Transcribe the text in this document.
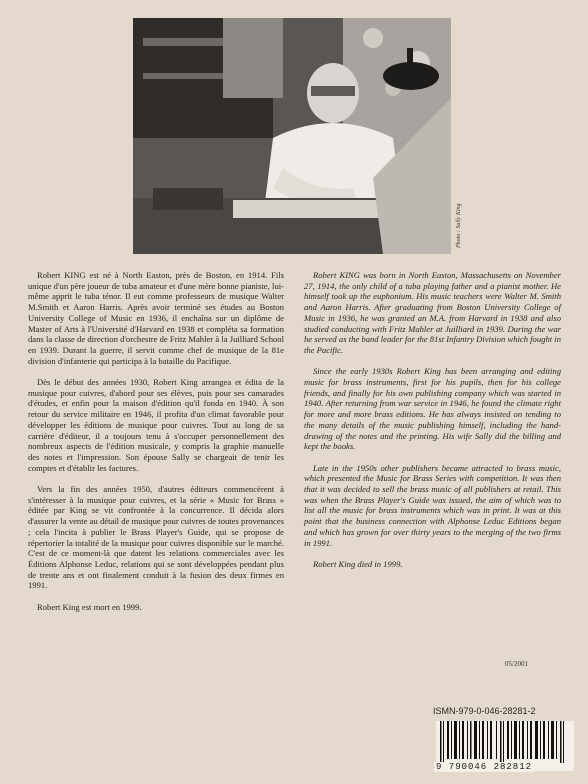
Photo : Sally King

Robert KING est né à North Easton, près de Boston, en 1914. Fils unique d'un père joueur de tuba amateur et d'une mère bonne pianiste, lui-même apprit le tuba ténor. Il eut comme professeurs de musique Walter M.Smith et Aaron Harris. Après avoir terminé ses études au Boston University College of Music en 1936, il enchaîna sur un diplôme de Master of Arts à l'Université d'Harvard en 1938 et compléta sa formation dans la classe de direction d'orchestre de Fritz Mahler à la Juilliard School en 1939. Durant la guerre, il servit comme chef de musique de la 81e division d'infanterie qui participa à la bataille du Pacifique.

Dès le début des années 1930, Robert King arrangea et édita de la musique pour cuivres, d'abord pour ses élèves, puis pour ses camarades d'études, et enfin pour la maison d'édition qu'il fonda en 1940. À son retour du service militaire en 1946, il profita d'un climat favorable pour développer les éditions de musique pour cuivres. Tout au long de sa carrière d'éditeur, il a toujours tenu à s'occuper personnellement des nombreux aspects de l'édition musicale, y compris la graphie manuelle des notes et l'impression. Son épouse Sally se chargeait de tenir les comptes et d'établir les factures.

Vers la fin des années 1950, d'autres éditeurs commencèrent à s'intéresser à la musique pour cuivres, et la série « Music for Brass » éditée par King se vit confrontée à la concurrence. Il décida alors d'assurer la vente au détail de musique pour cuivres de toutes provenances ; cela l'incita à publier le Brass Player's Guide, qui se propose de répertorier la totalité de la musique pour cuivres disponible sur le marché. C'est de ce moment-là que datent les relations commerciales avec les Éditions Alphonse Leduc, relations qui se sont développées pendant plus de trente ans et ont finalement conduit à la fusion des deux firmes en 1991.

Robert King est mort en 1999.

Robert KING was born in North Easton, Massachusetts on November 27, 1914, the only child of a tuba playing father and a pianist mother. He himself took up the euphonium. His music teachers were Walter M. Smith and Aaron Harris. After graduating from Boston University College of Music in 1936, he was granted an M.A. from Harvard in 1938 and also studied conducting with Fritz Mahler at Juilliard in 1939. During the war he served as the band leader for the 81st Infantry Division which fought in the Pacific.

Since the early 1930s Robert King has been arranging and editing music for brass instruments, first for his pupils, then for his college friends, and finally for his own publishing company which was started in 1940. After returning from war service in 1946, he found the climate right for more and more brass editions. He has always insisted on tending to the many details of the music publishing himself, including the hand-drawing of the notes and the printing. His wife Sally did the billing and kept the books.

Late in the 1950s other publishers became attracted to brass music, which presented the Music for Brass Series with competition. It was then that it was decided to sell the brass music of all publishers at retail. This was when the Brass Player's Guide was issued, the aim of which was to list all the music for brass instruments which was in print. It was at this point that the business connection with Alphonse Leduc Editions began and which has grown for over thirty years to the merging of the two firms in 1991.

Robert King died in 1999.

05/2001
ISMN-979-0-046-28281-2
9 790046 282812
